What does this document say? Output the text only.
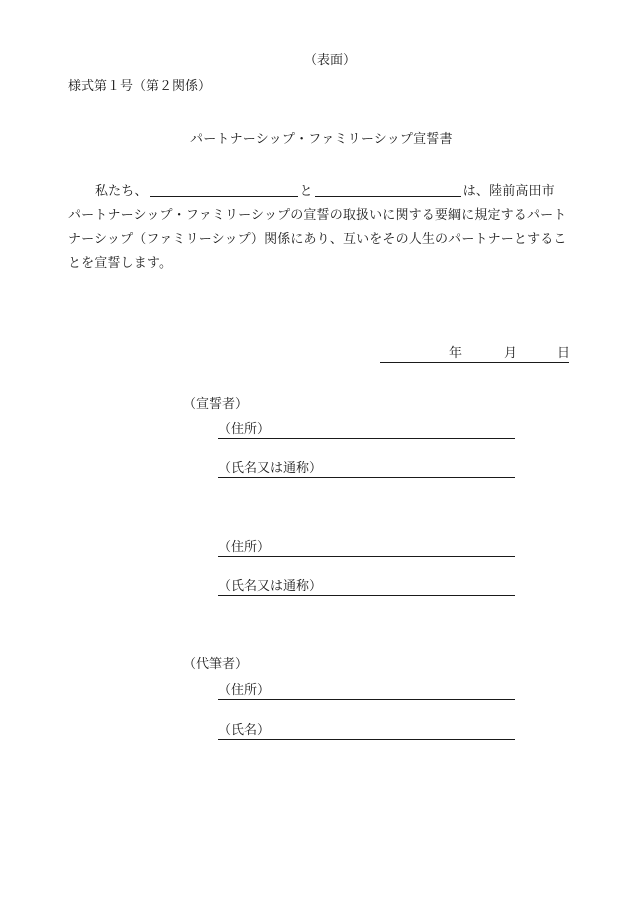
（表面）
様式第１号（第２関係）
パートナーシップ・ファミリーシップ宣誓書
私たち、	と	は、陸前高田市
パートナーシップ・ファミリーシップの宣誓の取扱いに関する要綱に規定するパート
ナーシップ（ファミリーシップ）関係にあり、互いをその人生のパートナーとするこ
とを宣誓します。
年	月	日
（宣誓者）
（住所）
（氏名又は通称）
（住所）
（氏名又は通称）
（代筆者）
（住所）
（氏名）
